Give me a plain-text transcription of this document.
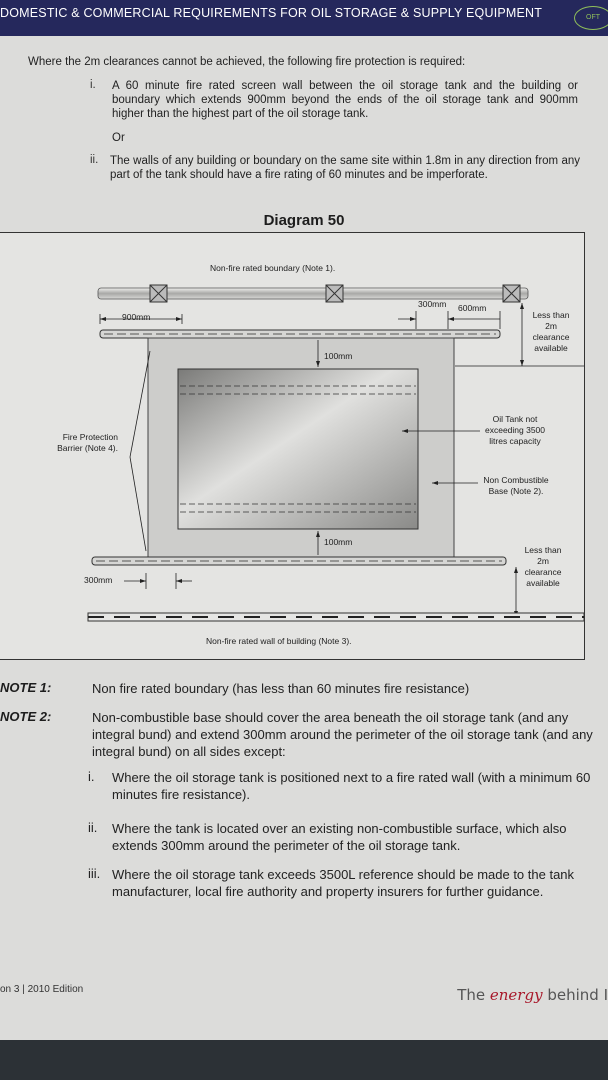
DOMESTIC & COMMERCIAL REQUIREMENTS FOR OIL STORAGE & SUPPLY EQUIPMENT	OFT
Where the 2m clearances cannot be achieved, the following fire protection is required:
i. A 60 minute fire rated screen wall between the oil storage tank and the building or boundary which extends 900mm beyond the ends of the oil storage tank and 900mm higher than the highest part of the oil storage tank.
Or
ii. The walls of any building or boundary on the same site within 1.8m in any direction from any part of the tank should have a fire rating of 60 minutes and be imperforate.
Diagram 50
Non-fire rated boundary (Note 1).
900mm
300mm 600mm
100mm
100mm
300mm
Less than
2m
clearance
available
Less than
2m
clearance
available
Oil Tank not
exceeding 3500
litres capacity
Non Combustible
Base (Note 2).
Fire Protection
Barrier (Note 4).
Non-fire rated wall of building (Note 3).
NOTE 1:	Non fire rated boundary (has less than 60 minutes fire resistance)
NOTE 2:	Non-combustible base should cover the area beneath the oil storage tank (and any integral bund) and extend 300mm around the perimeter of the oil storage tank (and any integral bund) on all sides except:
i. Where the oil storage tank is positioned next to a fire rated wall (with a minimum 60 minutes fire resistance).
ii. Where the tank is located over an existing non-combustible surface, which also extends 300mm around the perimeter of the oil storage tank.
iii. Where the oil storage tank exceeds 3500L reference should be made to the tank manufacturer, local fire authority and property insurers for further guidance.
on 3 | 2010 Edition	The energy behind I
